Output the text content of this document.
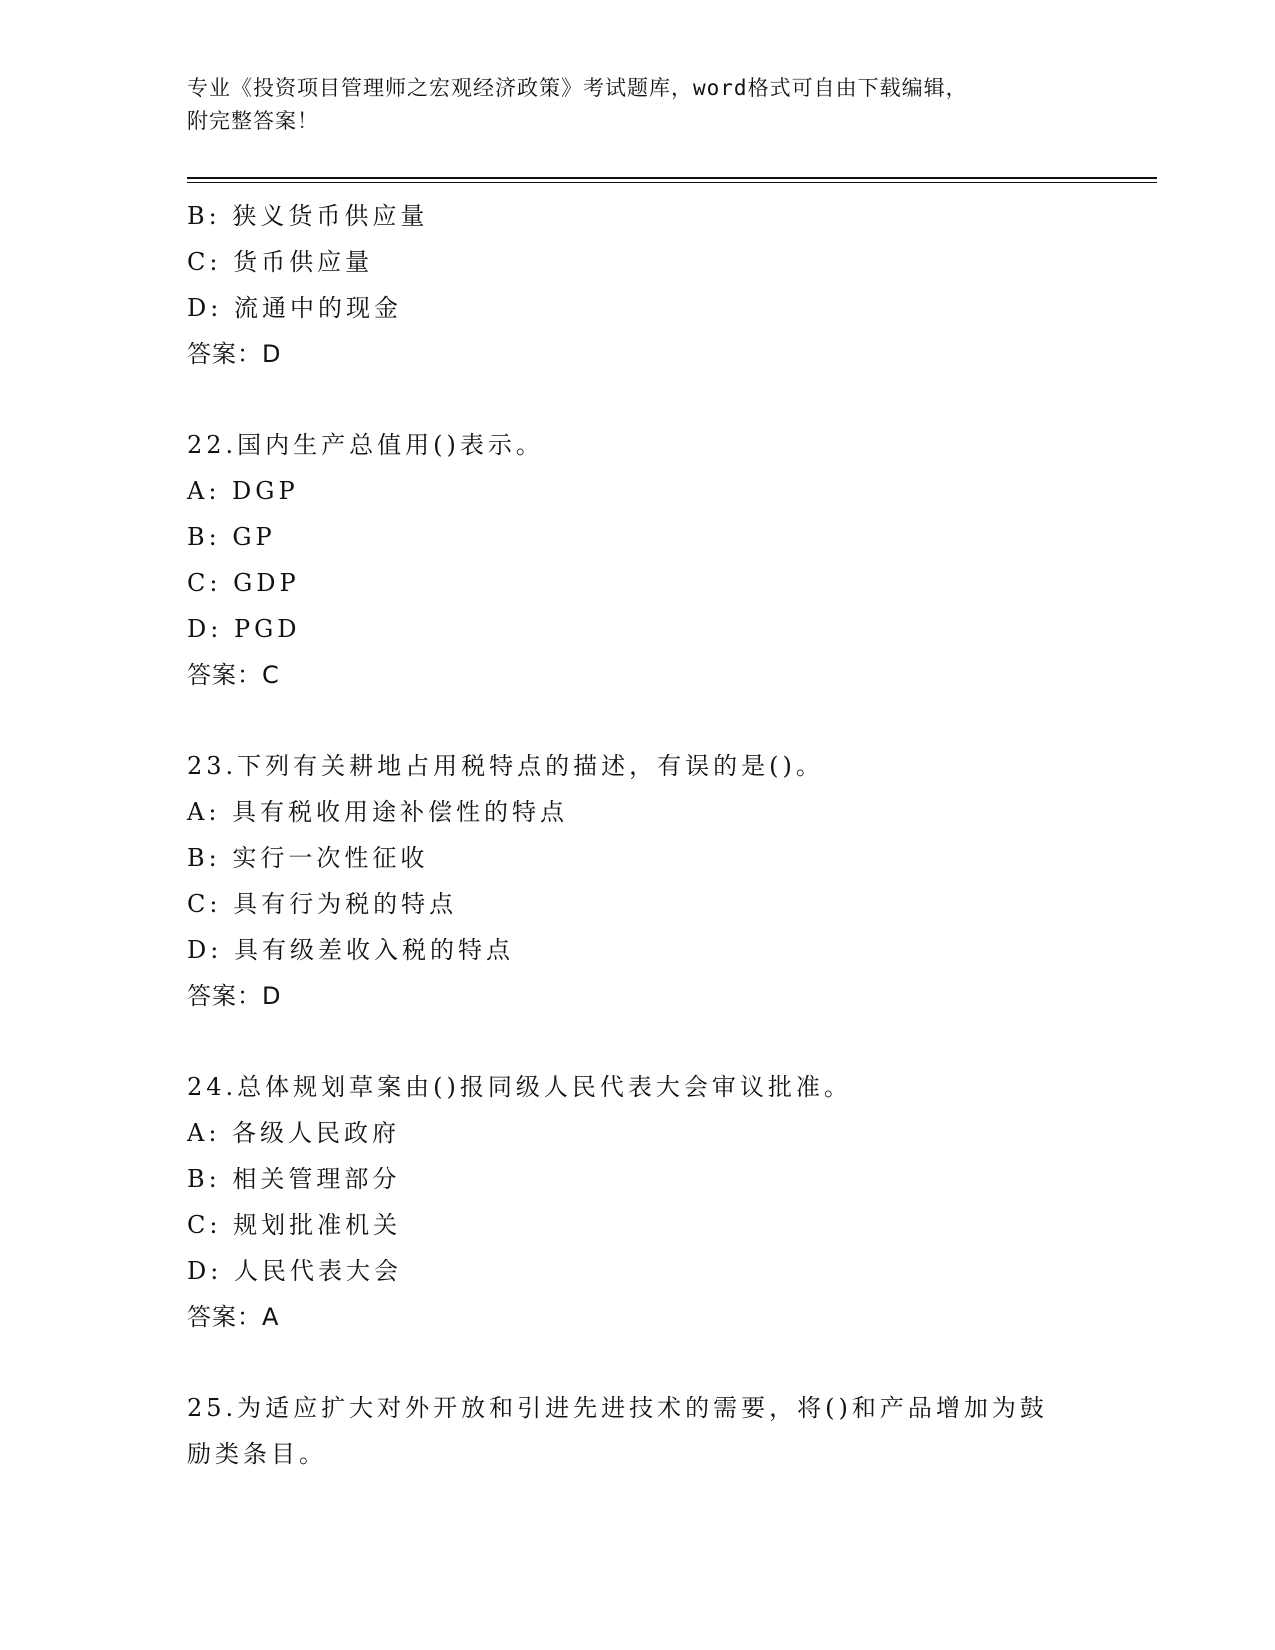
专业《投资项目管理师之宏观经济政策》考试题库，word格式可自由下载编辑，
附完整答案！
B: 狭义货币供应量
C: 货币供应量
D: 流通中的现金
答案：D
22.国内生产总值用()表示。
A: DGP
B: GP
C: GDP
D: PGD
答案：C
23.下列有关耕地占用税特点的描述，有误的是()。
A: 具有税收用途补偿性的特点
B: 实行一次性征收
C: 具有行为税的特点
D: 具有级差收入税的特点
答案：D
24.总体规划草案由()报同级人民代表大会审议批准。
A: 各级人民政府
B: 相关管理部分
C: 规划批准机关
D: 人民代表大会
答案：A
25.为适应扩大对外开放和引进先进技术的需要，将()和产品增加为鼓
励类条目。
